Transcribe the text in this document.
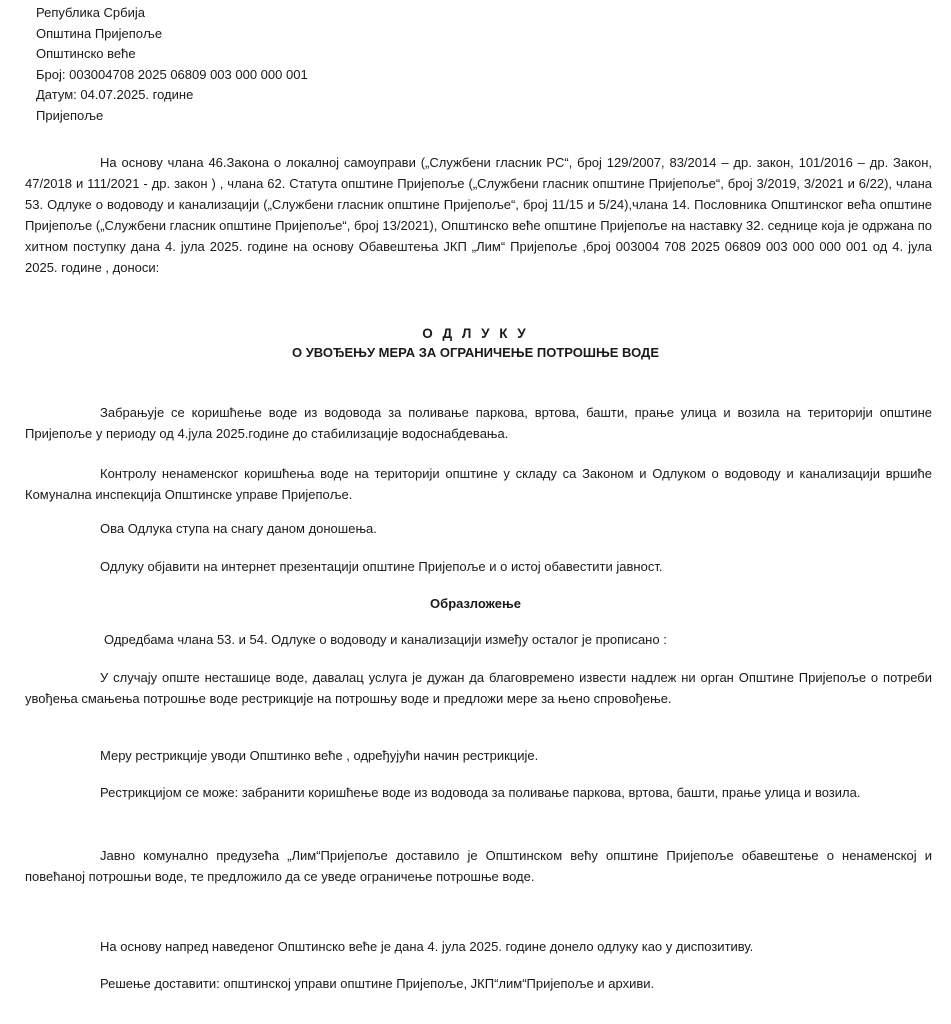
Република Србија
Општина Пријепоље
Општинско веће
Број: 003004708 2025 06809 003 000 000 001
Датум: 04.07.2025. године
Пријепоље
На основу члана 46.Закона о локалној самоуправи („Службени гласник РС“, број 129/2007, 83/2014 – др. закон, 101/2016 – др. Закон, 47/2018 и 111/2021 - др. закон ) , члана 62. Статута општине Пријепоље („Службени гласник општине Пријепоље“, број 3/2019, 3/2021 и 6/22), члана 53. Одлуке о водоводу и канализацији („Службени гласник општине Пријепоље“, број 11/15 и 5/24),члана 14. Пословника Општинског већа општине Пријепоље („Службени гласник општине Пријепоље“, број 13/2021), Општинско веће општине Пријепоље на наставку 32. седнице која је одржана по хитном поступку дана 4. јула 2025. године на основу Обавештења ЈКП „Лим“ Пријепоље ,број 003004 708 2025 06809 003 000 000 001 од 4. јула 2025. године , доноси:
О Д Л У К У
О УВОЂЕЊУ МЕРА ЗА ОГРАНИЧЕЊЕ ПОТРОШЊЕ ВОДЕ
Забрањује се коришћење воде из водовода за поливање паркова, вртова, башти, прање улица и возила на територији општине Пријепоље у периоду од 4.јула 2025.године до стабилизације водоснабдевања.
Контролу ненаменског коришћења воде на територији општине у складу са Законом и Одлуком о водоводу и канализацији вршиће Комунална инспекција Општинске управе Пријепоље.
Ова Одлука ступа на снагу даном доношења.
Одлуку објавити на интернет презентацији општине Пријепоље и о истој обавестити јавност.
Образложење
Одредбама члана 53. и 54. Одлуке о водоводу и канализацији између осталог је прописано :
У случају опште несташице воде, давалац услуга је дужан да благовремено извести надлеж ни орган Општине Пријепоље о потреби увођења смањења потрошње воде рестрикције на потрошњу воде и предложи мере за њено спровођење.
Меру рестрикције уводи Општинко веће , одређујући начин рестрикције.
Рестрикцијом се може: забранити коришћење воде из водовода за поливање паркова, вртова, башти, прање улица и возила.
Јавно комунално предузећа „Лим“Пријепоље доставило је Општинском већу општине Пријепоље обавештење о ненаменској и повећаној потрошњи воде, те предложило да се уведе ограничење потрошње воде.
На основу напред наведеног Општинско веће је дана 4. јула 2025. године донело одлуку као у диспозитиву.
Решење доставити: општинској управи општине Пријепоље, ЈКП“лим“Пријепоље и архиви.
